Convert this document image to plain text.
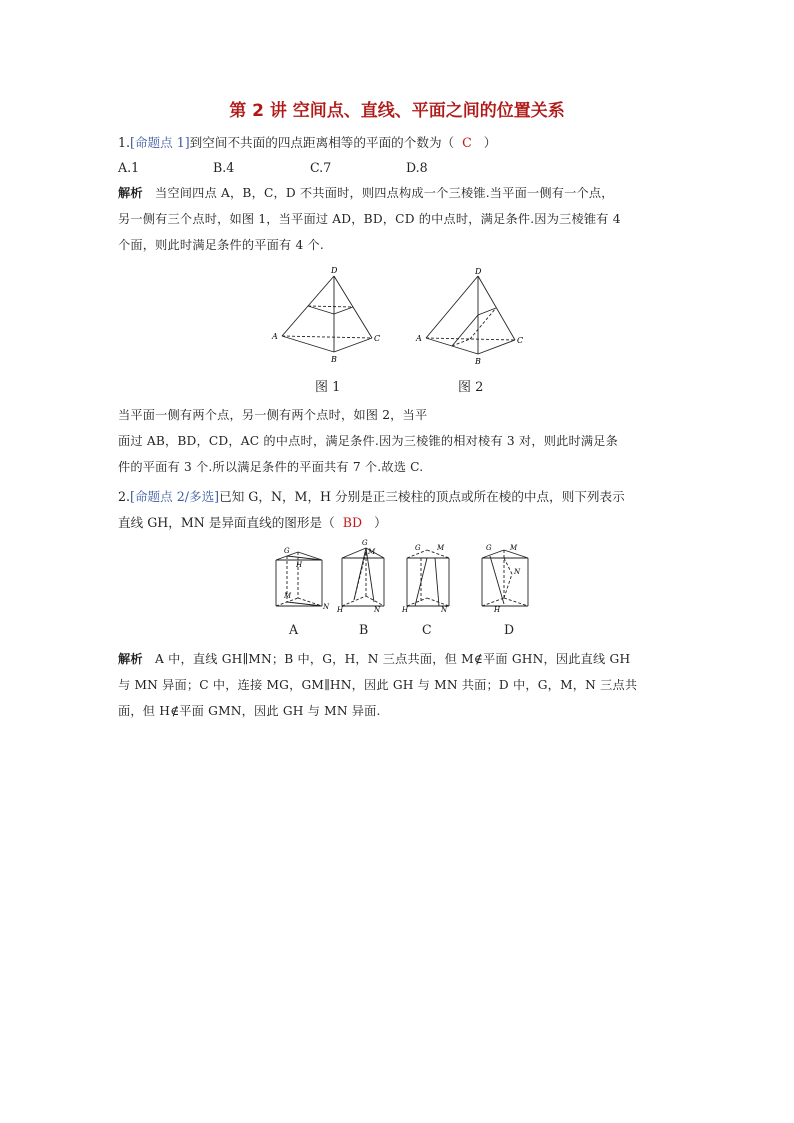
第 2 讲 空间点、直线、平面之间的位置关系
1.[命题点 1]到空间不共面的四点距离相等的平面的个数为（ C ）
A.1	B.4	C.7	D.8
解析 当空间四点 A，B，C，D 不共面时，则四点构成一个三棱锥.当平面一侧有一个点，
另一侧有三个点时，如图 1，当平面过 AD，BD，CD 的中点时，满足条件.因为三棱锥有 4
个面，则此时满足条件的平面有 4 个.
D
A
B
C
D
A
B
C
图 1	图 2
当平面一侧有两个点，另一侧有两个点时，如图 2，当平
面过 AB，BD，CD，AC 的中点时，满足条件.因为三棱锥的相对棱有 3 对，则此时满足条
件的平面有 3 个.所以满足条件的平面共有 7 个.故选 C.
2.[命题点 2/多选]已知 G，N，M，H 分别是正三棱柱的顶点或所在棱的中点，则下列表示
直线 GH，MN 是异面直线的图形是（ BD ）
G
H
M
N
G
M
H	N
G M
H	N
G	M
N
H
A	B	C	D
解析 A 中，直线 GH∥MN；B 中，G，H，N 三点共面，但 M∉平面 GHN，因此直线 GH
与 MN 异面；C 中，连接 MG，GM∥HN，因此 GH 与 MN 共面；D 中，G，M，N 三点共
面，但 H∉平面 GMN，因此 GH 与 MN 异面.
